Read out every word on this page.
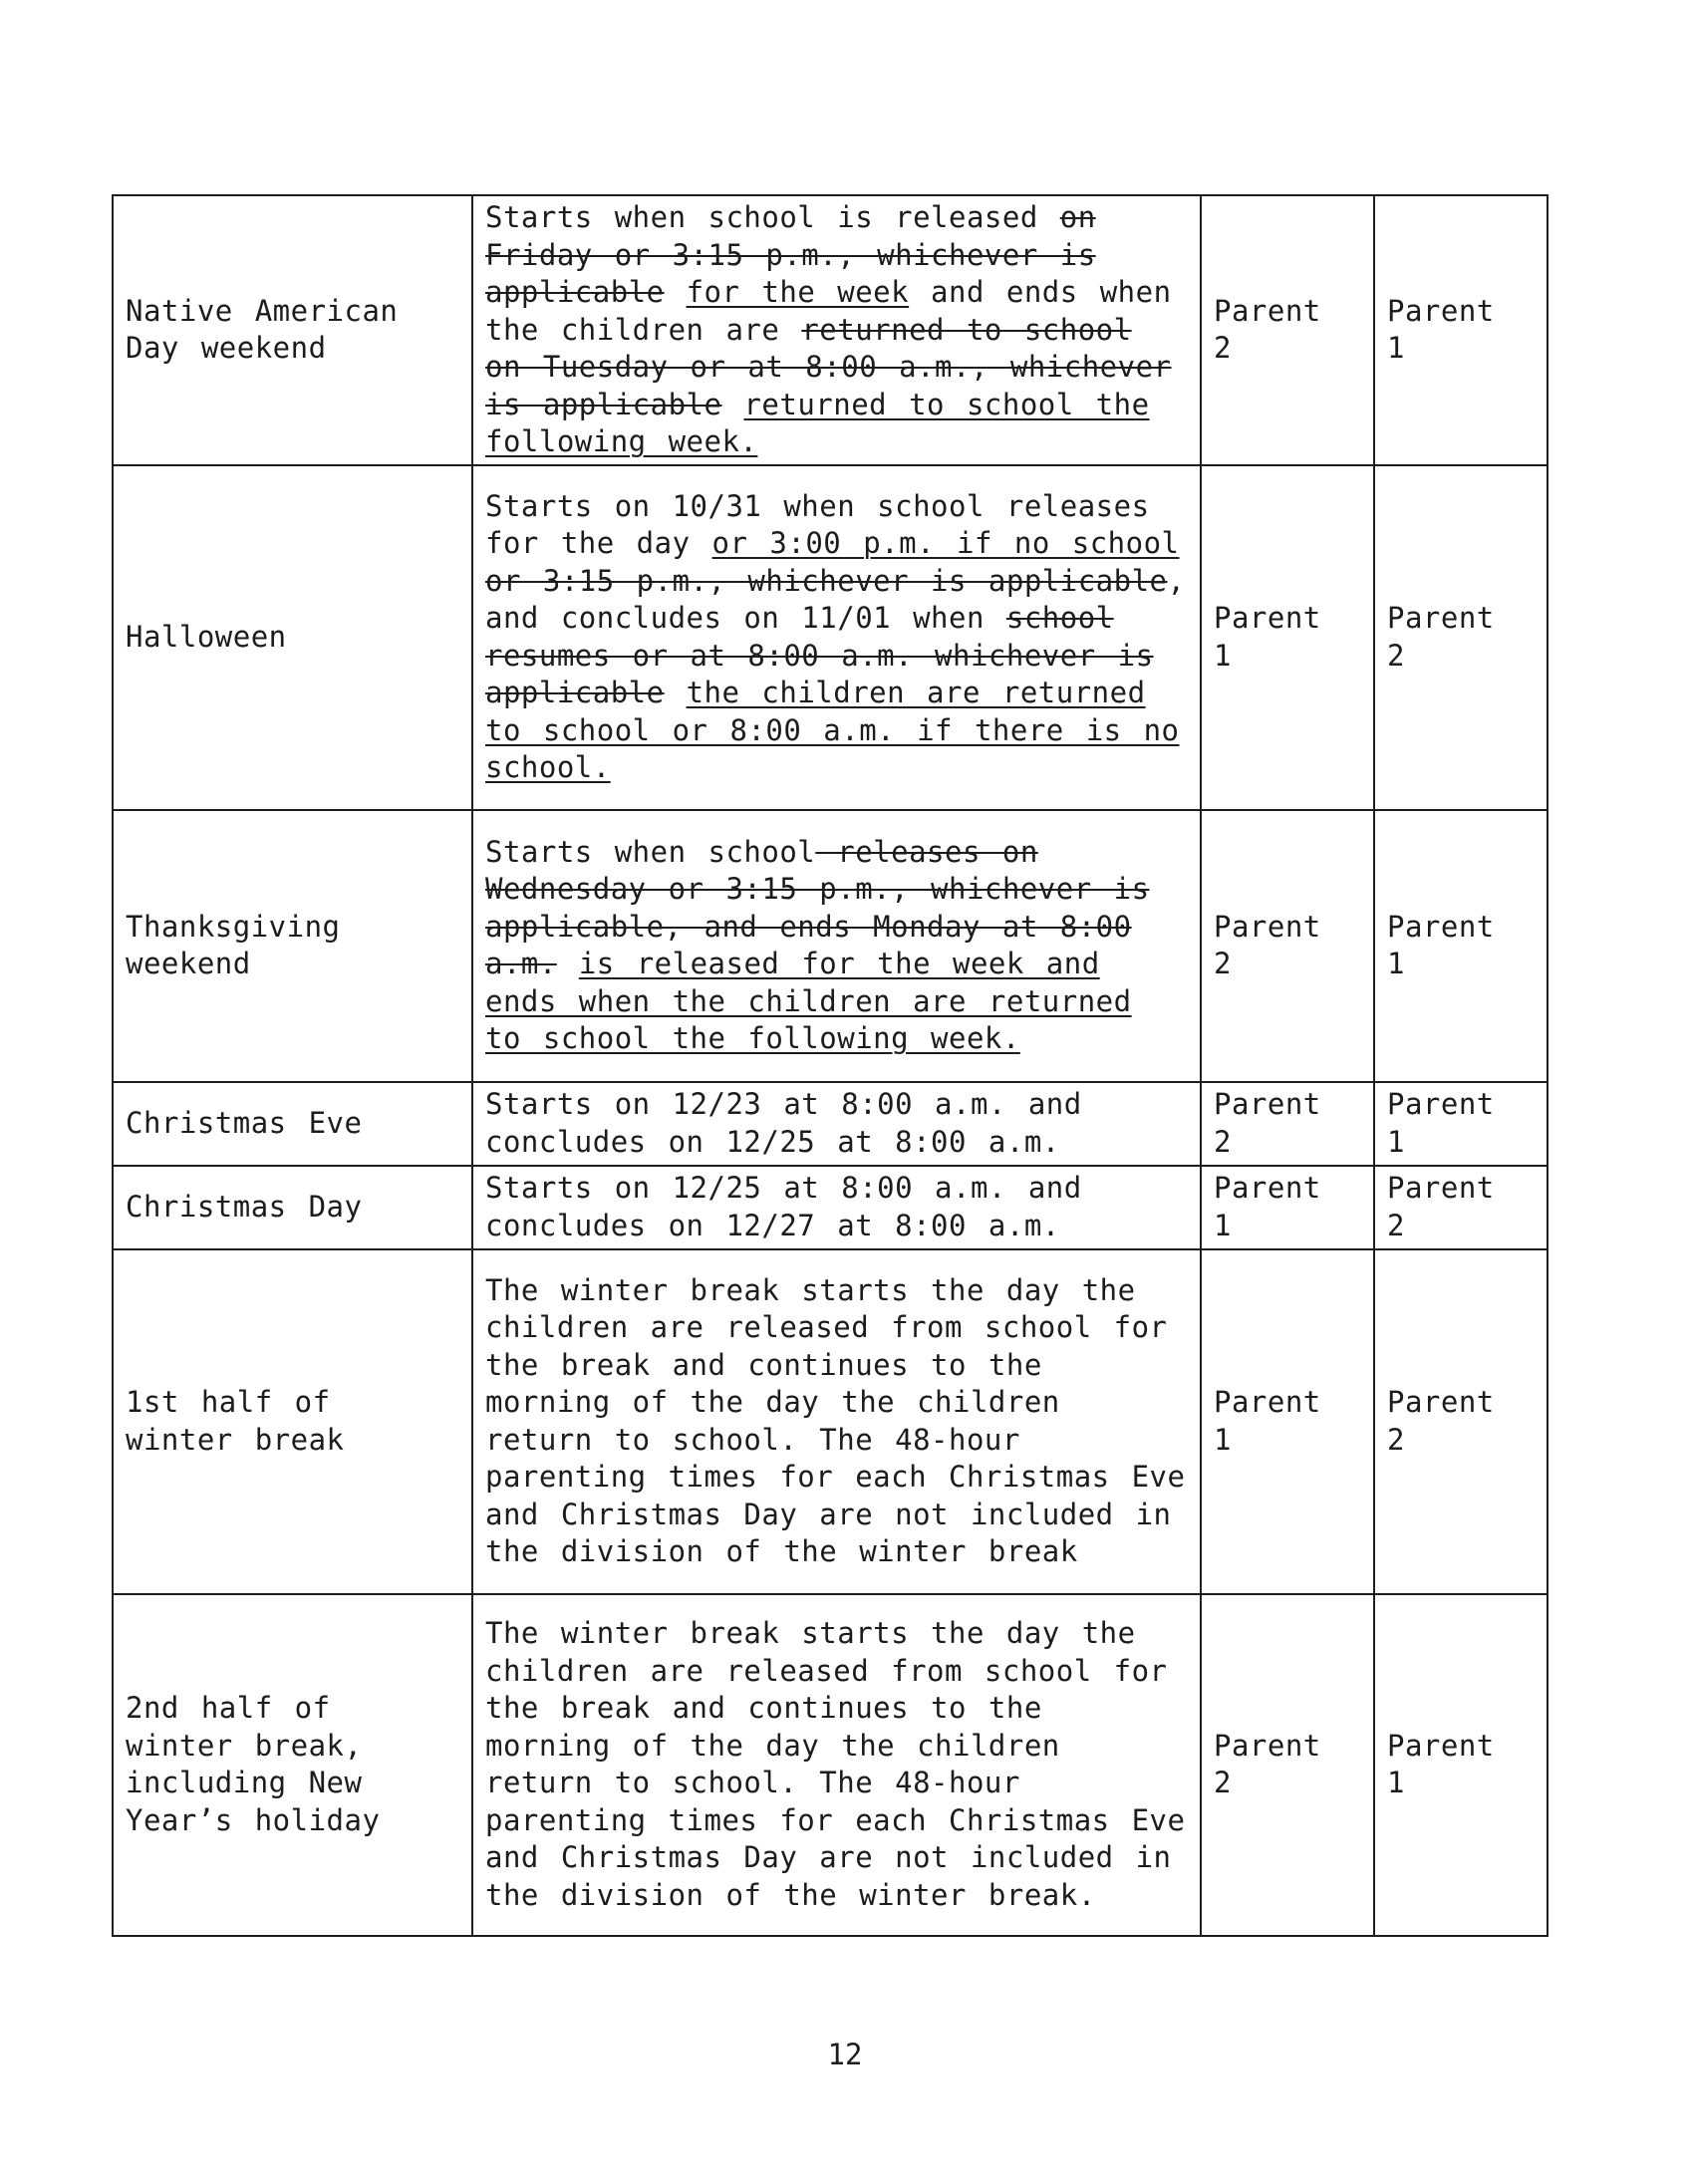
Native American Day weekend	Starts when school is released on Friday or 3:15 p.m., whichever is applicable for the week and ends when the children are returned to school on Tuesday or at 8:00 a.m., whichever is applicable returned to school the following week.	Parent
2	Parent
1

Halloween	Starts on 10/31 when school releases for the day or 3:00 p.m. if no school or 3:15 p.m., whichever is applicable, and concludes on 11/01 when school resumes or at 8:00 a.m. whichever is applicable the children are returned to school or 8:00 a.m. if there is no school.	Parent
1	Parent
2

Thanksgiving weekend	Starts when school releases on Wednesday or 3:15 p.m., whichever is applicable, and ends Monday at 8:00 a.m. is released for the week and ends when the children are returned to school the following week.	Parent
2	Parent
1

Christmas Eve	Starts on 12/23 at 8:00 a.m. and concludes on 12/25 at 8:00 a.m.	Parent
2	Parent
1

Christmas Day	Starts on 12/25 at 8:00 a.m. and concludes on 12/27 at 8:00 a.m.	Parent
1	Parent
2

1st half of winter break	The winter break starts the day the children are released from school for the break and continues to the morning of the day the children return to school. The 48-hour parenting times for each Christmas Eve and Christmas Day are not included in the division of the winter break	Parent
1	Parent
2

2nd half of winter break, including New Year’s holiday	The winter break starts the day the children are released from school for the break and continues to the morning of the day the children return to school. The 48-hour parenting times for each Christmas Eve and Christmas Day are not included in the division of the winter break.	Parent
2	Parent
1
12
